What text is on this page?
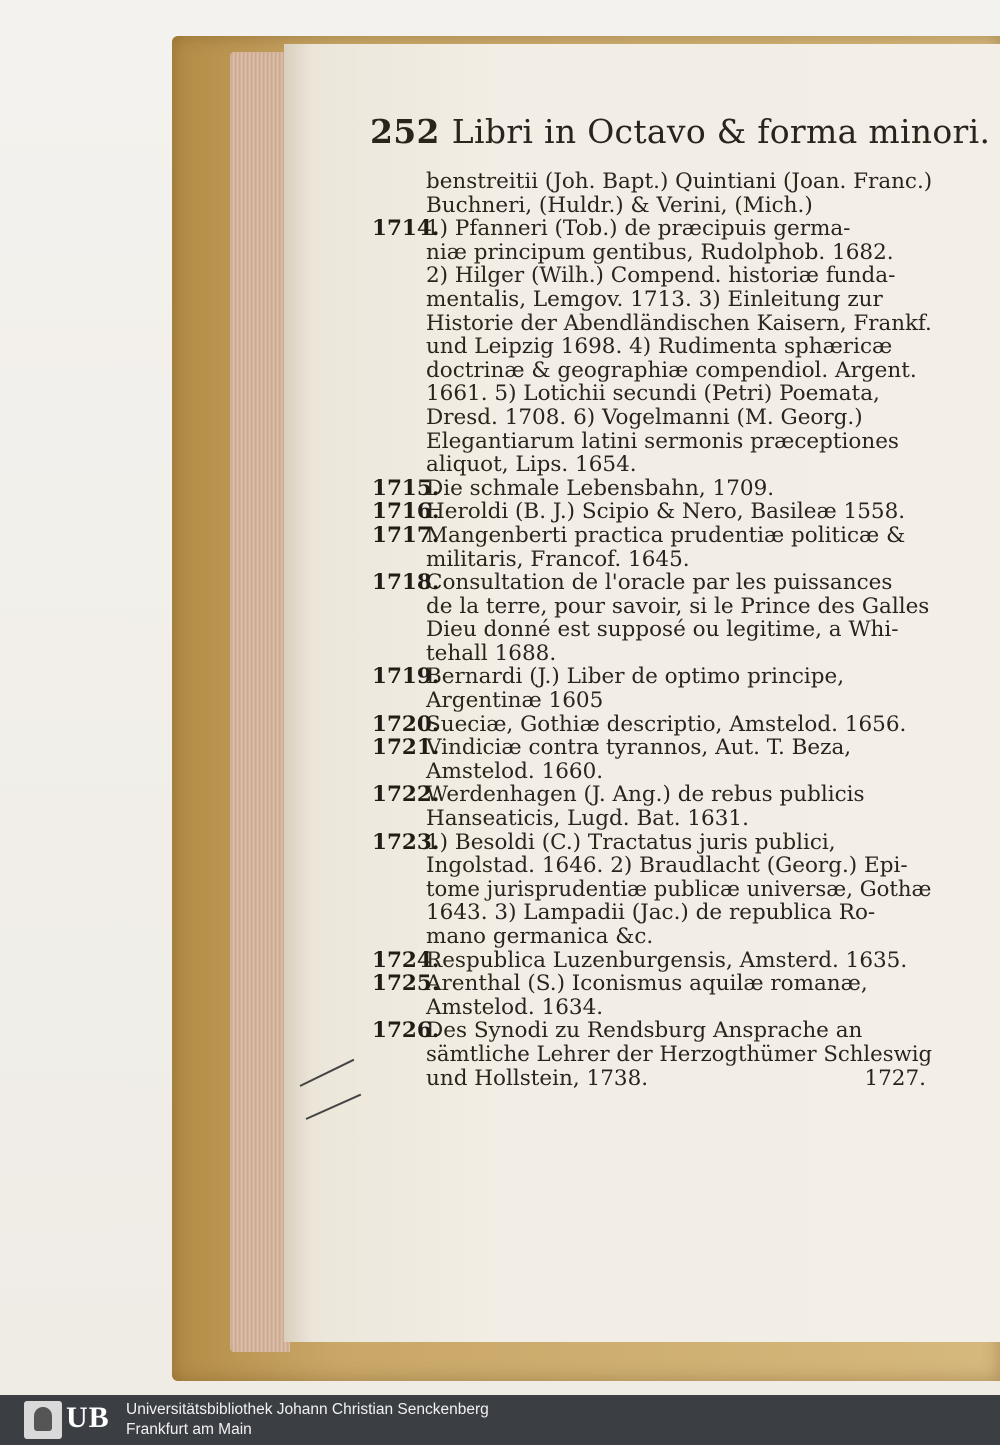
252 Libri in Octavo & forma minori.
benstreitii (Joh. Bapt.) Quintiani (Joan. Franc.)
Buchneri, (Huldr.) & Verini, (Mich.)
1714.
1) Pfanneri (Tob.) de præcipuis germa-
niæ principum gentibus, Rudolphob. 1682.
2) Hilger (Wilh.) Compend. historiæ funda-
mentalis, Lemgov. 1713. 3) Einleitung zur
Historie der Abendländischen Kaisern, Frankf.
und Leipzig 1698. 4) Rudimenta sphæricæ
doctrinæ & geographiæ compendiol. Argent.
1661. 5) Lotichii secundi (Petri) Poemata,
Dresd. 1708. 6) Vogelmanni (M. Georg.)
Elegantiarum latini sermonis præceptiones
aliquot, Lips. 1654.
1715.
Die schmale Lebensbahn, 1709.
1716.
Heroldi (B. J.) Scipio & Nero, Basileæ 1558.
1717.
Mangenberti practica prudentiæ politicæ &
militaris, Francof. 1645.
1718.
Consultation de l'oracle par les puissances
de la terre, pour savoir, si le Prince des Galles
Dieu donné est supposé ou legitime, a Whi-
tehall 1688.
1719.
Bernardi (J.) Liber de optimo principe,
Argentinæ 1605
1720.
Sueciæ, Gothiæ descriptio, Amstelod. 1656.
1721.
Vindiciæ contra tyrannos, Aut. T. Beza,
Amstelod. 1660.
1722.
Werdenhagen (J. Ang.) de rebus publicis
Hanseaticis, Lugd. Bat. 1631.
1723.
1) Besoldi (C.) Tractatus juris publici,
Ingolstad. 1646. 2) Braudlacht (Georg.) Epi-
tome jurisprudentiæ publicæ universæ, Gothæ
1643. 3) Lampadii (Jac.) de republica Ro-
mano germanica &c.
1724.
Respublica Luzenburgensis, Amsterd. 1635.
1725.
Arenthal (S.) Iconismus aquilæ romanæ,
Amstelod. 1634.
1726.
Des Synodi zu Rendsburg Ansprache an
sämtliche Lehrer der Herzogthümer Schleswig
und Hollstein, 1738.	1727.
UB Universitätsbibliothek Johann Christian Senckenberg
Frankfurt am Main
